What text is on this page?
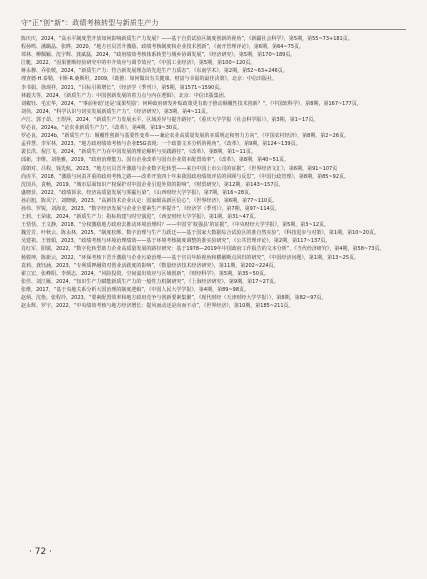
守“正”创“新”：政绩考核转型与新质生产力

陈庆庆，2024，“高水平制度型开放如何影响新质生产力发展？——基于自贸试验区制度创新的视角”，《新疆社会科学》，第5期，第55~73+181页。

程孙鸣、潘璐晶、张晔，2020，“地方官员晋升激励、政绩考核制度和企业技术创新”，《南开管理评论》，第6期，第64~75页。

邓林、柳佩颖、沈宇辉、龚斌磊，2024，“政府绩效考核体系转型与城乡协调发展”，《经济研究》，第5期，第170~189页。

江艇，2022，“因果推断经验研究中的中介效应与调节效应”，《中国工业经济》，第5期，第100~120页。

蒋永穆、乔张媛，2024，“新质生产力：符合新发展理念的先进生产力质态”，《东南学术》，第2期，第52~63+246页。

理查德·H.泰勒，卡斯·R.桑斯坦，2009，《助推：如何做出有关健康、财富与幸福的最佳决策》，北京：中信出版社。

李书娟、徐现祥，2021，“目标引领增长”，《经济学（季刊）》，第5期，第1571~1590页。

林毅夫等，2024，《新质生产力：中国创新发展的着力点与内在逻辑》，北京：中信出版集团。

刘椒钰、毛宏华，2024，“‘事前补助’还是‘成果奖励’：何种政府研发补贴政策更有助于推动颠覆性技术创新？”，《中国软科学》，第8期，第167~177页。

刘伟，2024，“科学认识与切实发展新质生产力”，《经济研究》，第3期，第4~11页。

卢江、郭子昂、王煜萍，2024，“新质生产力发展水平、区域差异与提升路径”，《重庆大学学报（社会科学版）》，第3期，第1~17页。

罗必良，2024a，“论农业新质生产力”，《改革》，第4期，第19~30页。

罗必良，2024b，“新质生产力：颠覆性创新与基要性变革——兼论农业高质量发展的本质规定和努力方向”，《中国农村经济》，第8期，第2~26页。

孟祥慧、李军林，2023，“地方政府绩效考核与企业ESG表现：一个政策文本分析的视角”，《改革》，第9期，第124~139页。

裴长洪、倪江飞，2024，“新质生产力在中国发展的理论解析与实践路径”，《改革》，第8期，第1~11页。

邱新，李维、刘艳雅，2019，“政府治理能力、国有企业改革与国有企业资本配置效率”，《改革》，第8期，第40~51页。

邵朝对、吕程、钱先航，2023，“地方官员晋升激励与企业数字化转型——来自中国上市公司的证据”，《世界经济文汇》，第6期，第91~107页

尚虎平，2018，“激励与问责并重的政府考核之路——改革开放四十年来我国政府绩效评估的回顾与反思”，《中国行政管理》，第8期，第85~92页。

沈国兵，袁畅，2019，“城市层面知识产权保护对中国企业引进外资的影响”，《财贸研究》，第12期，第143~157页。

盛晓菲，2022，“政绩诉求、经济高质量发展与雾霾污染”，《山西财经大学学报》，第7期，第16~28页。

孙启旭，陈贝宁、刘晓敏，2023，“高新技术企业认定：国家级高新区信心”，《世界经济》，第6期，第77~110页。

孙伟、罗锐，刘海龙，2023，“数字经济发展与企业全要素生产率提升”，《经济学（季刊）》，第7期，第97~114页。

王莉、王荣康，2024，“新质生产力：指标构建与时空演进”，《西安财经大学学报》，第1期，第31~47页。

王恬恬、王文静，2018，“分权激励地方政府去推动环境治理吗？——中国‘扩权强县’的证据”，《中央财经大学学报》，第5期，第3~12页。

魏芳芳、叶秋云、陈永林，2025，“制度松绑、数字治理与生产力跃迁——基于国家大数据综合试验区的准自然实验”，《科技进步与对策》，第1期，第10~20页。

吴建祖、王蓉娟，2023，“政绩考核与环境治理绩效——基于环境考核制度调整的准实验研究”，《公共管理评论》，第2期，第117~137页。

肖红军、阳镇，2022，“数字化转型助力企业高质量发展的路径研究：基于1978—2019年中国政府工作报告的文本分析”，《当代经济研究》，第4期，第58~73页。

杨骏坤，陈新云，2022，“环保考核下晋升激励与企业污染治理——基于官员年龄视角和横截断点回归的研究”，《中国经济问题》，第1期，第13~25页。

袁莉、龚钰涵，2023，“专利质押融资对创业活跃度的影响”，《数量经济技术经济研究》，第11期，第202~224页。

翟立宏、张峰阳、李炳志，2024，“风险投资、空间溢出效应与区域创新”，《财经科学》，第5期，第35~50页。

张佳、刘江雁，2024，“知识生产力赋能新质生产力的一般性力机制研究”，《上海经济研究》，第9期，第17~27页。

张维，2017，“基于央地关系分析大国治理的制度逻辑”，《中国人民大学学报》，第4期，第89~98页。

赵炳、沈艳、张程玲，2023，“要素配置效率和地方政府竞争与创新要素集聚”，《现代财经（天津财经大学学报）》，第8期，第82~97页。

赵永辉、罗宇，2022，“中央绩效考核与地方经济增长：提风而动还是向而不动”，《世界经济》，第10期，第185~211页。

· 72 ·
